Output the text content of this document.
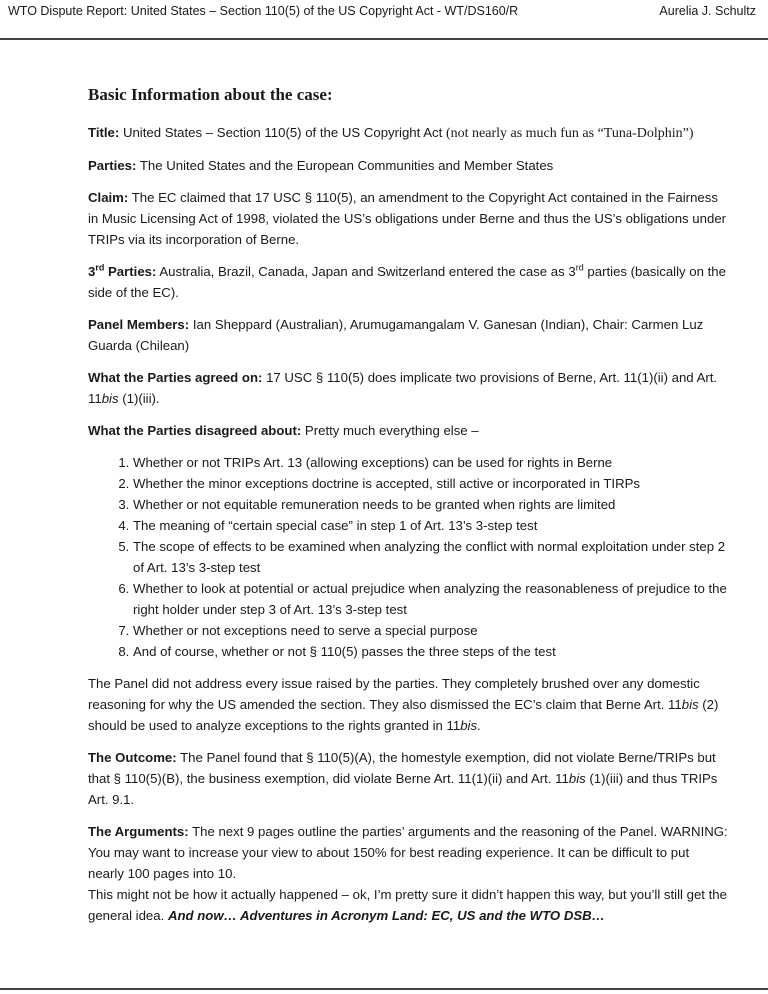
WTO Dispute Report: United States – Section 110(5) of the US Copyright Act - WT/DS160/R	Aurelia J. Schultz
Basic Information about the case:

Title: United States – Section 110(5) of the US Copyright Act (not nearly as much fun as “Tuna-Dolphin”)

Parties: The United States and the European Communities and Member States

Claim: The EC claimed that 17 USC § 110(5), an amendment to the Copyright Act contained in the Fairness in Music Licensing Act of 1998, violated the US’s obligations under Berne and thus the US’s obligations under TRIPs via its incorporation of Berne.

3rd Parties: Australia, Brazil, Canada, Japan and Switzerland entered the case as 3rd parties (basically on the side of the EC).

Panel Members: Ian Sheppard (Australian), Arumugamangalam V. Ganesan (Indian), Chair: Carmen Luz Guarda (Chilean)

What the Parties agreed on: 17 USC § 110(5) does implicate two provisions of Berne, Art. 11(1)(ii) and Art. 11bis (1)(iii).

What the Parties disagreed about: Pretty much everything else –

1. Whether or not TRIPs Art. 13 (allowing exceptions) can be used for rights in Berne
2. Whether the minor exceptions doctrine is accepted, still active or incorporated in TIRPs
3. Whether or not equitable remuneration needs to be granted when rights are limited
4. The meaning of “certain special case” in step 1 of Art. 13’s 3-step test
5. The scope of effects to be examined when analyzing the conflict with normal exploitation under step 2 of Art. 13’s 3-step test
6. Whether to look at potential or actual prejudice when analyzing the reasonableness of prejudice to the right holder under step 3 of Art. 13’s 3-step test
7. Whether or not exceptions need to serve a special purpose
8. And of course, whether or not § 110(5) passes the three steps of the test

The Panel did not address every issue raised by the parties. They completely brushed over any domestic reasoning for why the US amended the section. They also dismissed the EC’s claim that Berne Art. 11bis (2) should be used to analyze exceptions to the rights granted in 11bis.

The Outcome: The Panel found that § 110(5)(A), the homestyle exemption, did not violate Berne/TRIPs but that § 110(5)(B), the business exemption, did violate Berne Art. 11(1)(ii) and Art. 11bis (1)(iii) and thus TRIPs Art. 9.1.

The Arguments: The next 9 pages outline the parties’ arguments and the reasoning of the Panel. WARNING: You may want to increase your view to about 150% for best reading experience. It can be difficult to put nearly 100 pages into 10.

This might not be how it actually happened – ok, I’m pretty sure it didn’t happen this way, but you’ll still get the general idea. And now… Adventures in Acronym Land: EC, US and the WTO DSB…
